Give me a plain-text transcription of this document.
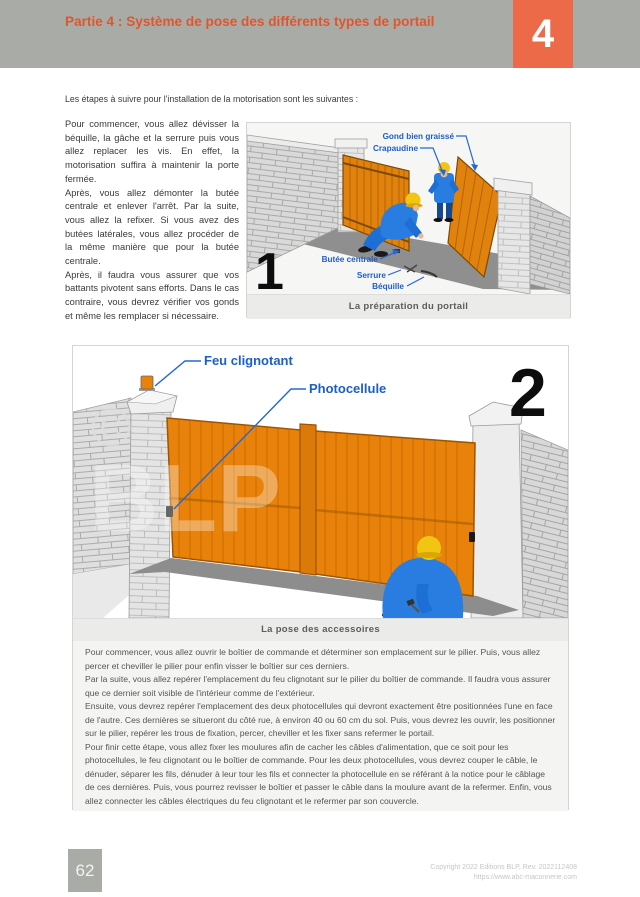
Partie 4 : Système de pose des différents types de portail	4
Les étapes à suivre pour l'installation de la motorisation sont les suivantes :

Pour commencer, vous allez dévisser la béquille, la gâche et la serrure puis vous allez replacer les vis. En effet, la motorisation suffira à maintenir la porte fermée.

Après, vous allez démonter la butée centrale et enlever l'arrêt. Par la suite, vous allez la refixer. Si vous avez des butées latérales, vous allez procéder de la même manière que pour la butée centrale.

Après, il faudra vous assurer que vos battants pivotent sans efforts. Dans le cas contraire, vous devrez vérifier vos gonds et même les remplacer si nécessaire.

Gond bien graissé
Crapaudine
Butée centrale
Serrure
Béquille
1
La préparation du portail
©
BLP
Feu clignotant
Photocellule 2
La pose des accessoires

Pour commencer, vous allez ouvrir le boîtier de commande et déterminer son emplacement sur le pilier. Puis, vous allez percer et cheviller le pilier pour enfin visser le boîtier sur ces derniers.

Par la suite, vous allez repérer l'emplacement du feu clignotant sur le pilier du boîtier de commande. Il faudra vous assurer que ce dernier soit visible de l'intérieur comme de l'extérieur.

Ensuite, vous devrez repérer l'emplacement des deux photocellules qui devront exactement être positionnées l'une en face de l'autre. Ces dernières se situeront du côté rue, à environ 40 ou 60 cm du sol. Puis, vous devrez les ouvrir, les positionner sur le pilier, repérer les trous de fixation, percer, cheviller et les fixer sans refermer le portail.

Pour finir cette étape, vous allez fixer les moulures afin de cacher les câbles d'alimentation, que ce soit pour les photocellules, le feu clignotant ou le boîtier de commande. Pour les deux photocellules, vous devrez couper le câble, le dénuder, séparer les fils, dénuder à leur tour les fils et connecter la photocellule en se référant à la notice pour le câblage de ces dernières. Puis, vous pourrez revisser le boîtier et passer le câble dans la moulure avant de la refermer. Enfin, vous allez connecter les câbles électriques du feu clignotant et le refermer par son couvercle.

62	Copyright 2022 Editions BLP, Rev. 2022112408
https://www.abc-maconnerie.com
